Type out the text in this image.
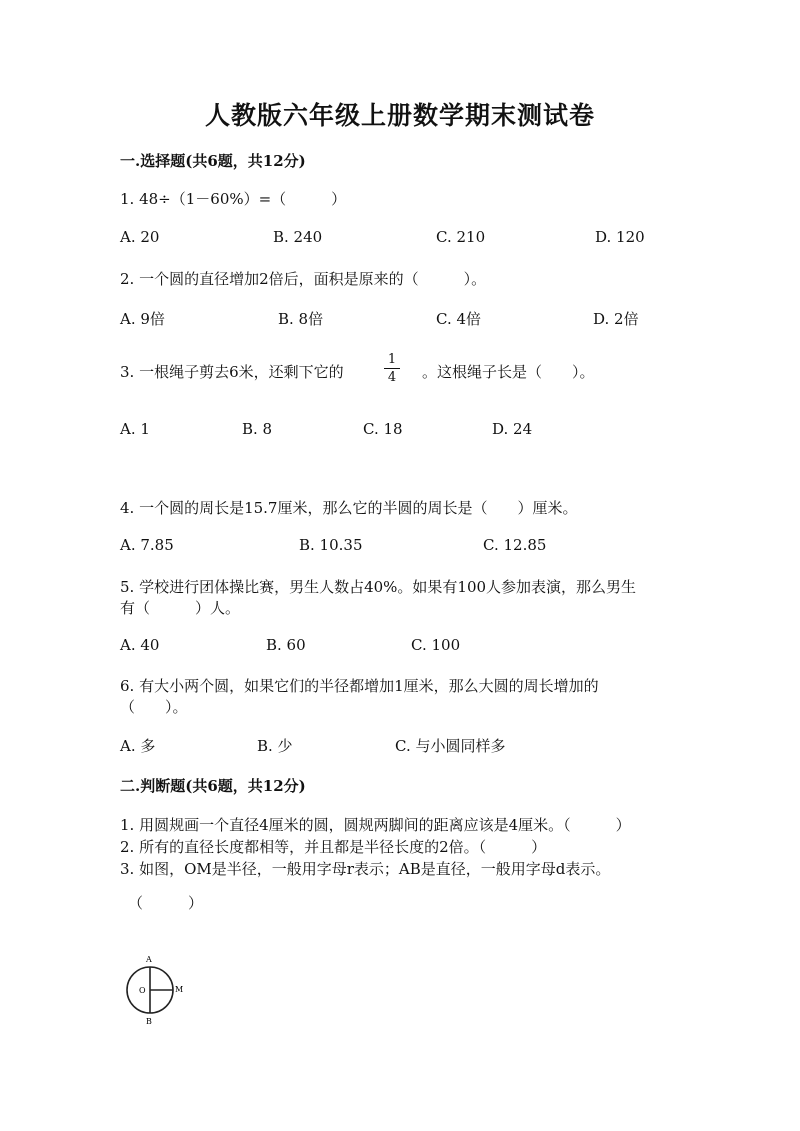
人教版六年级上册数学期末测试卷
一.选择题(共6题，共12分)
1. 48÷（1－60%）=（　　　）
A. 20	B. 240	C. 210	D. 120
2. 一个圆的直径增加2倍后，面积是原来的（　　　）。
A. 9倍	B. 8倍	C. 4倍	D. 2倍
3. 一根绳子剪去6米，还剩下它的	$\frac{1}{4}$ 。这根绳子长是（　　）。
A. 1	B. 8	C. 18	D. 24
4. 一个圆的周长是15.7厘米，那么它的半圆的周长是（　　）厘米。
A. 7.85	B. 10.35	C. 12.85
5. 学校进行团体操比赛，男生人数占40%。如果有100人参加表演，那么男生
有（　　　）人。
A. 40	B. 60	C. 100
6. 有大小两个圆，如果它们的半径都增加1厘米，那么大圆的周长增加的
（　　）。
A. 多	B. 少	C. 与小圆同样多
二.判断题(共6题，共12分)
1. 用圆规画一个直径4厘米的圆，圆规两脚间的距离应该是4厘米。（　　　）
2. 所有的直径长度都相等，并且都是半径长度的2倍。（　　　）
3. 如图，OM是半径，一般用字母r表示；AB是直径，一般用字母d表示。
（　　　）
A
B
O	M
